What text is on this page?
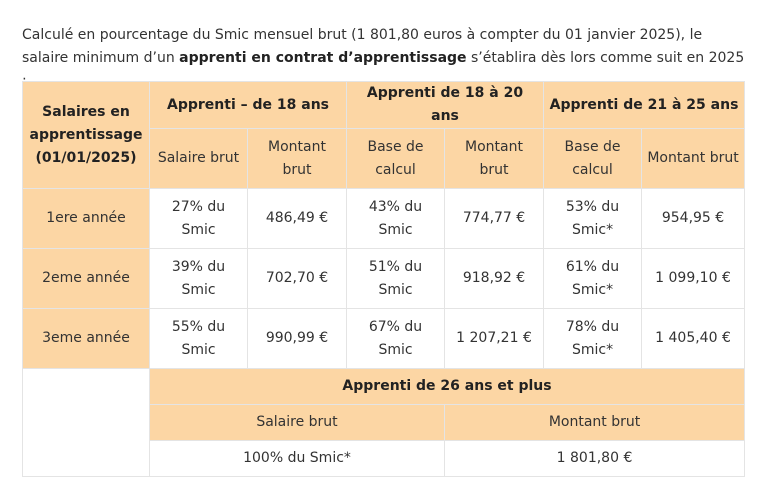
Calculé en pourcentage du Smic mensuel brut (1 801,80 euros à compter du 01 janvier 2025), le salaire minimum d’un apprenti en contrat d’apprentissage s’établira dès lors comme suit en 2025

Salaires en apprentissage (01/01/2025)	Apprenti – de 18 ans		Apprenti de 18 à 20 ans		Apprenti de 21 à 25 ans	
	Salaire brut	Montant brut	Base de calcul	Montant brut	Base de calcul	Montant brut
1ere année	27% du Smic	486,49 €	43% du Smic	774,77 €	53% du Smic*	954,95 €
2eme année	39% du Smic	702,70 €	51% du Smic	918,92 €	61% du Smic*	1 099,10 €
3eme année	55% du Smic	990,99 €	67% du Smic	1 207,21 €	78% du Smic*	1 405,40 €
	Apprenti de 26 ans et plus					
	Salaire brut			Montant brut		
	100% du Smic*			1 801,80 €		
